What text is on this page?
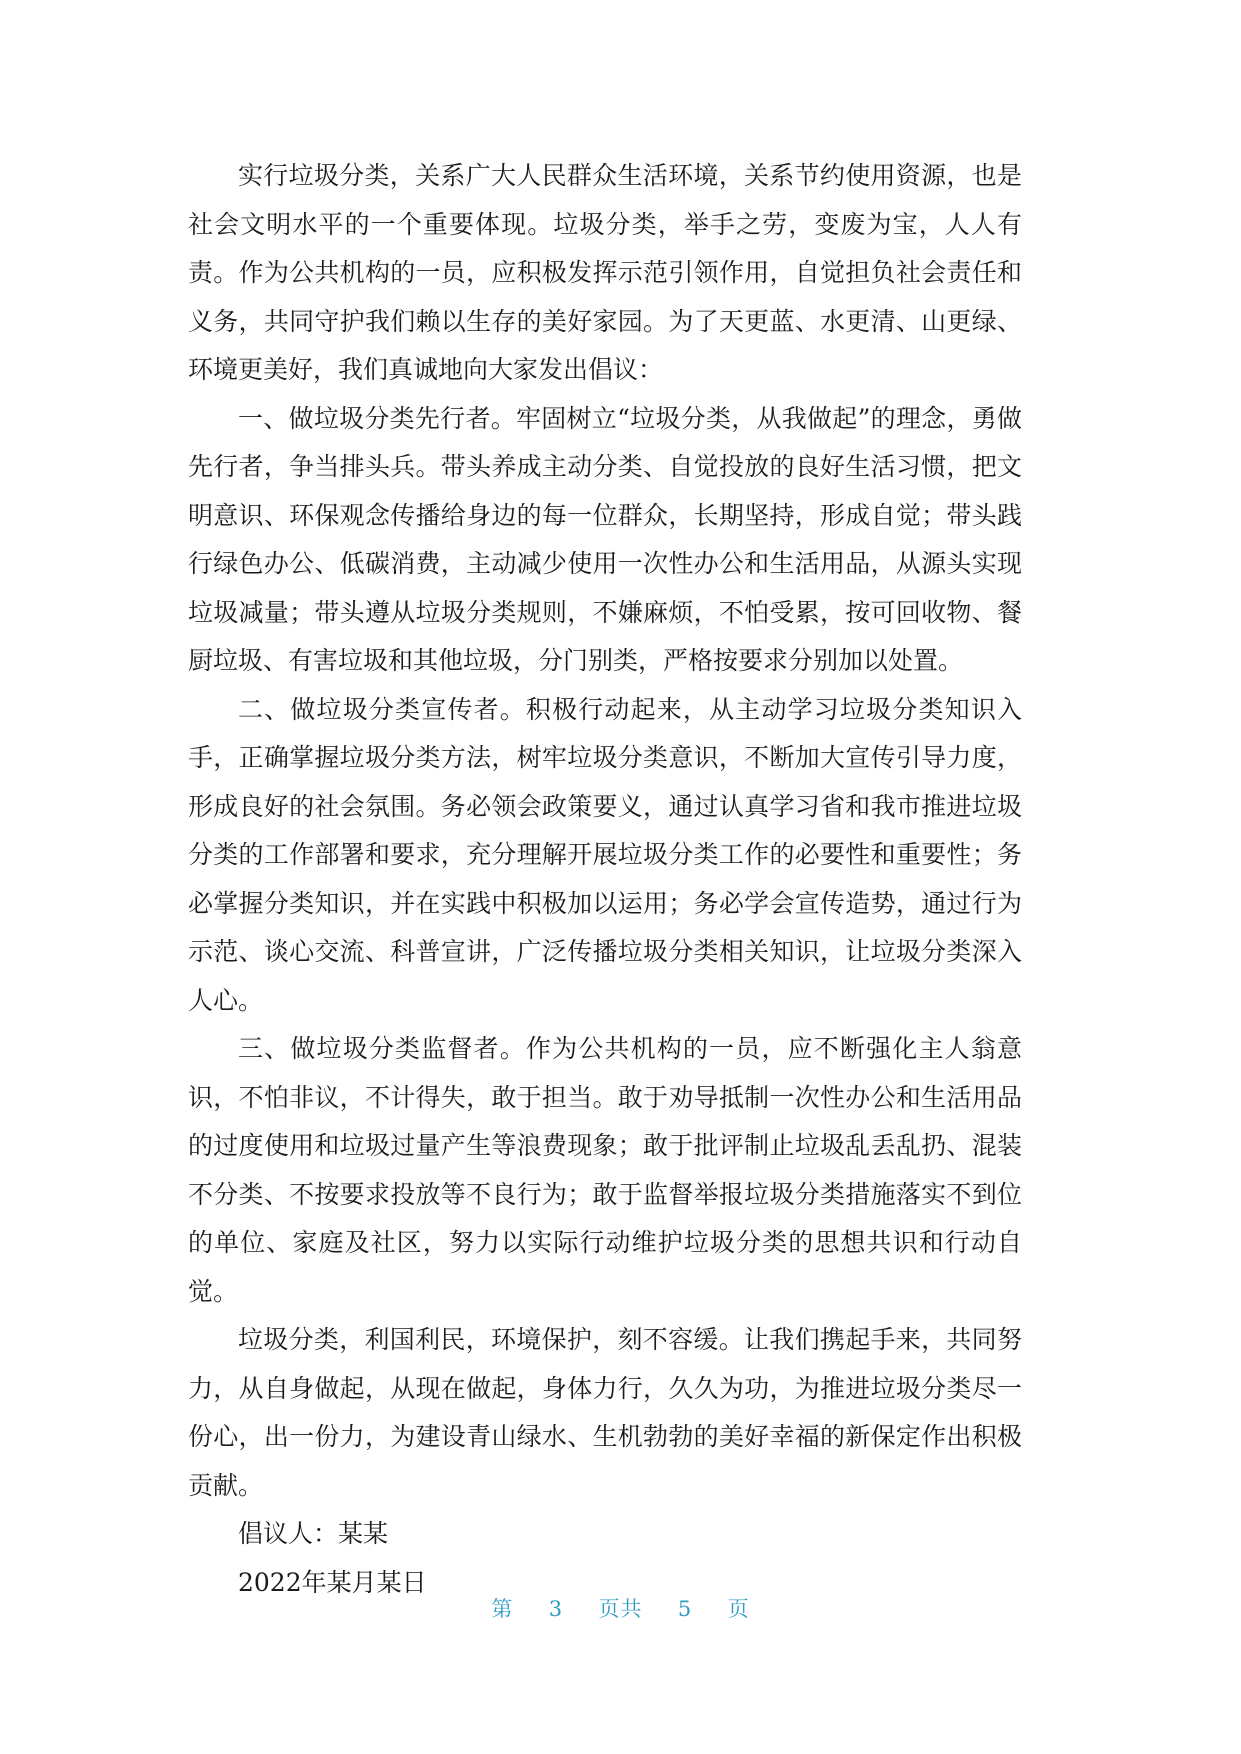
实行垃圾分类，关系广大人民群众生活环境，关系节约使用资源，也是社会文明水平的一个重要体现。垃圾分类，举手之劳，变废为宝，人人有责。作为公共机构的一员，应积极发挥示范引领作用，自觉担负社会责任和义务，共同守护我们赖以生存的美好家园。为了天更蓝、水更清、山更绿、环境更美好，我们真诚地向大家发出倡议：

一、做垃圾分类先行者。牢固树立“垃圾分类，从我做起”的理念，勇做先行者，争当排头兵。带头养成主动分类、自觉投放的良好生活习惯，把文明意识、环保观念传播给身边的每一位群众，长期坚持，形成自觉；带头践行绿色办公、低碳消费，主动减少使用一次性办公和生活用品，从源头实现垃圾减量；带头遵从垃圾分类规则，不嫌麻烦，不怕受累，按可回收物、餐厨垃圾、有害垃圾和其他垃圾，分门别类，严格按要求分别加以处置。

二、做垃圾分类宣传者。积极行动起来，从主动学习垃圾分类知识入手，正确掌握垃圾分类方法，树牢垃圾分类意识，不断加大宣传引导力度，形成良好的社会氛围。务必领会政策要义，通过认真学习省和我市推进垃圾分类的工作部署和要求，充分理解开展垃圾分类工作的必要性和重要性；务必掌握分类知识，并在实践中积极加以运用；务必学会宣传造势，通过行为示范、谈心交流、科普宣讲，广泛传播垃圾分类相关知识，让垃圾分类深入人心。

三、做垃圾分类监督者。作为公共机构的一员，应不断强化主人翁意识，不怕非议，不计得失，敢于担当。敢于劝导抵制一次性办公和生活用品的过度使用和垃圾过量产生等浪费现象；敢于批评制止垃圾乱丢乱扔、混装不分类、不按要求投放等不良行为；敢于监督举报垃圾分类措施落实不到位的单位、家庭及社区，努力以实际行动维护垃圾分类的思想共识和行动自觉。

垃圾分类，利国利民，环境保护，刻不容缓。让我们携起手来，共同努力，从自身做起，从现在做起，身体力行，久久为功，为推进垃圾分类尽一份心，出一份力，为建设青山绿水、生机勃勃的美好幸福的新保定作出积极贡献。

倡议人：某某

2022年某月某日

第 3 页共 5 页
